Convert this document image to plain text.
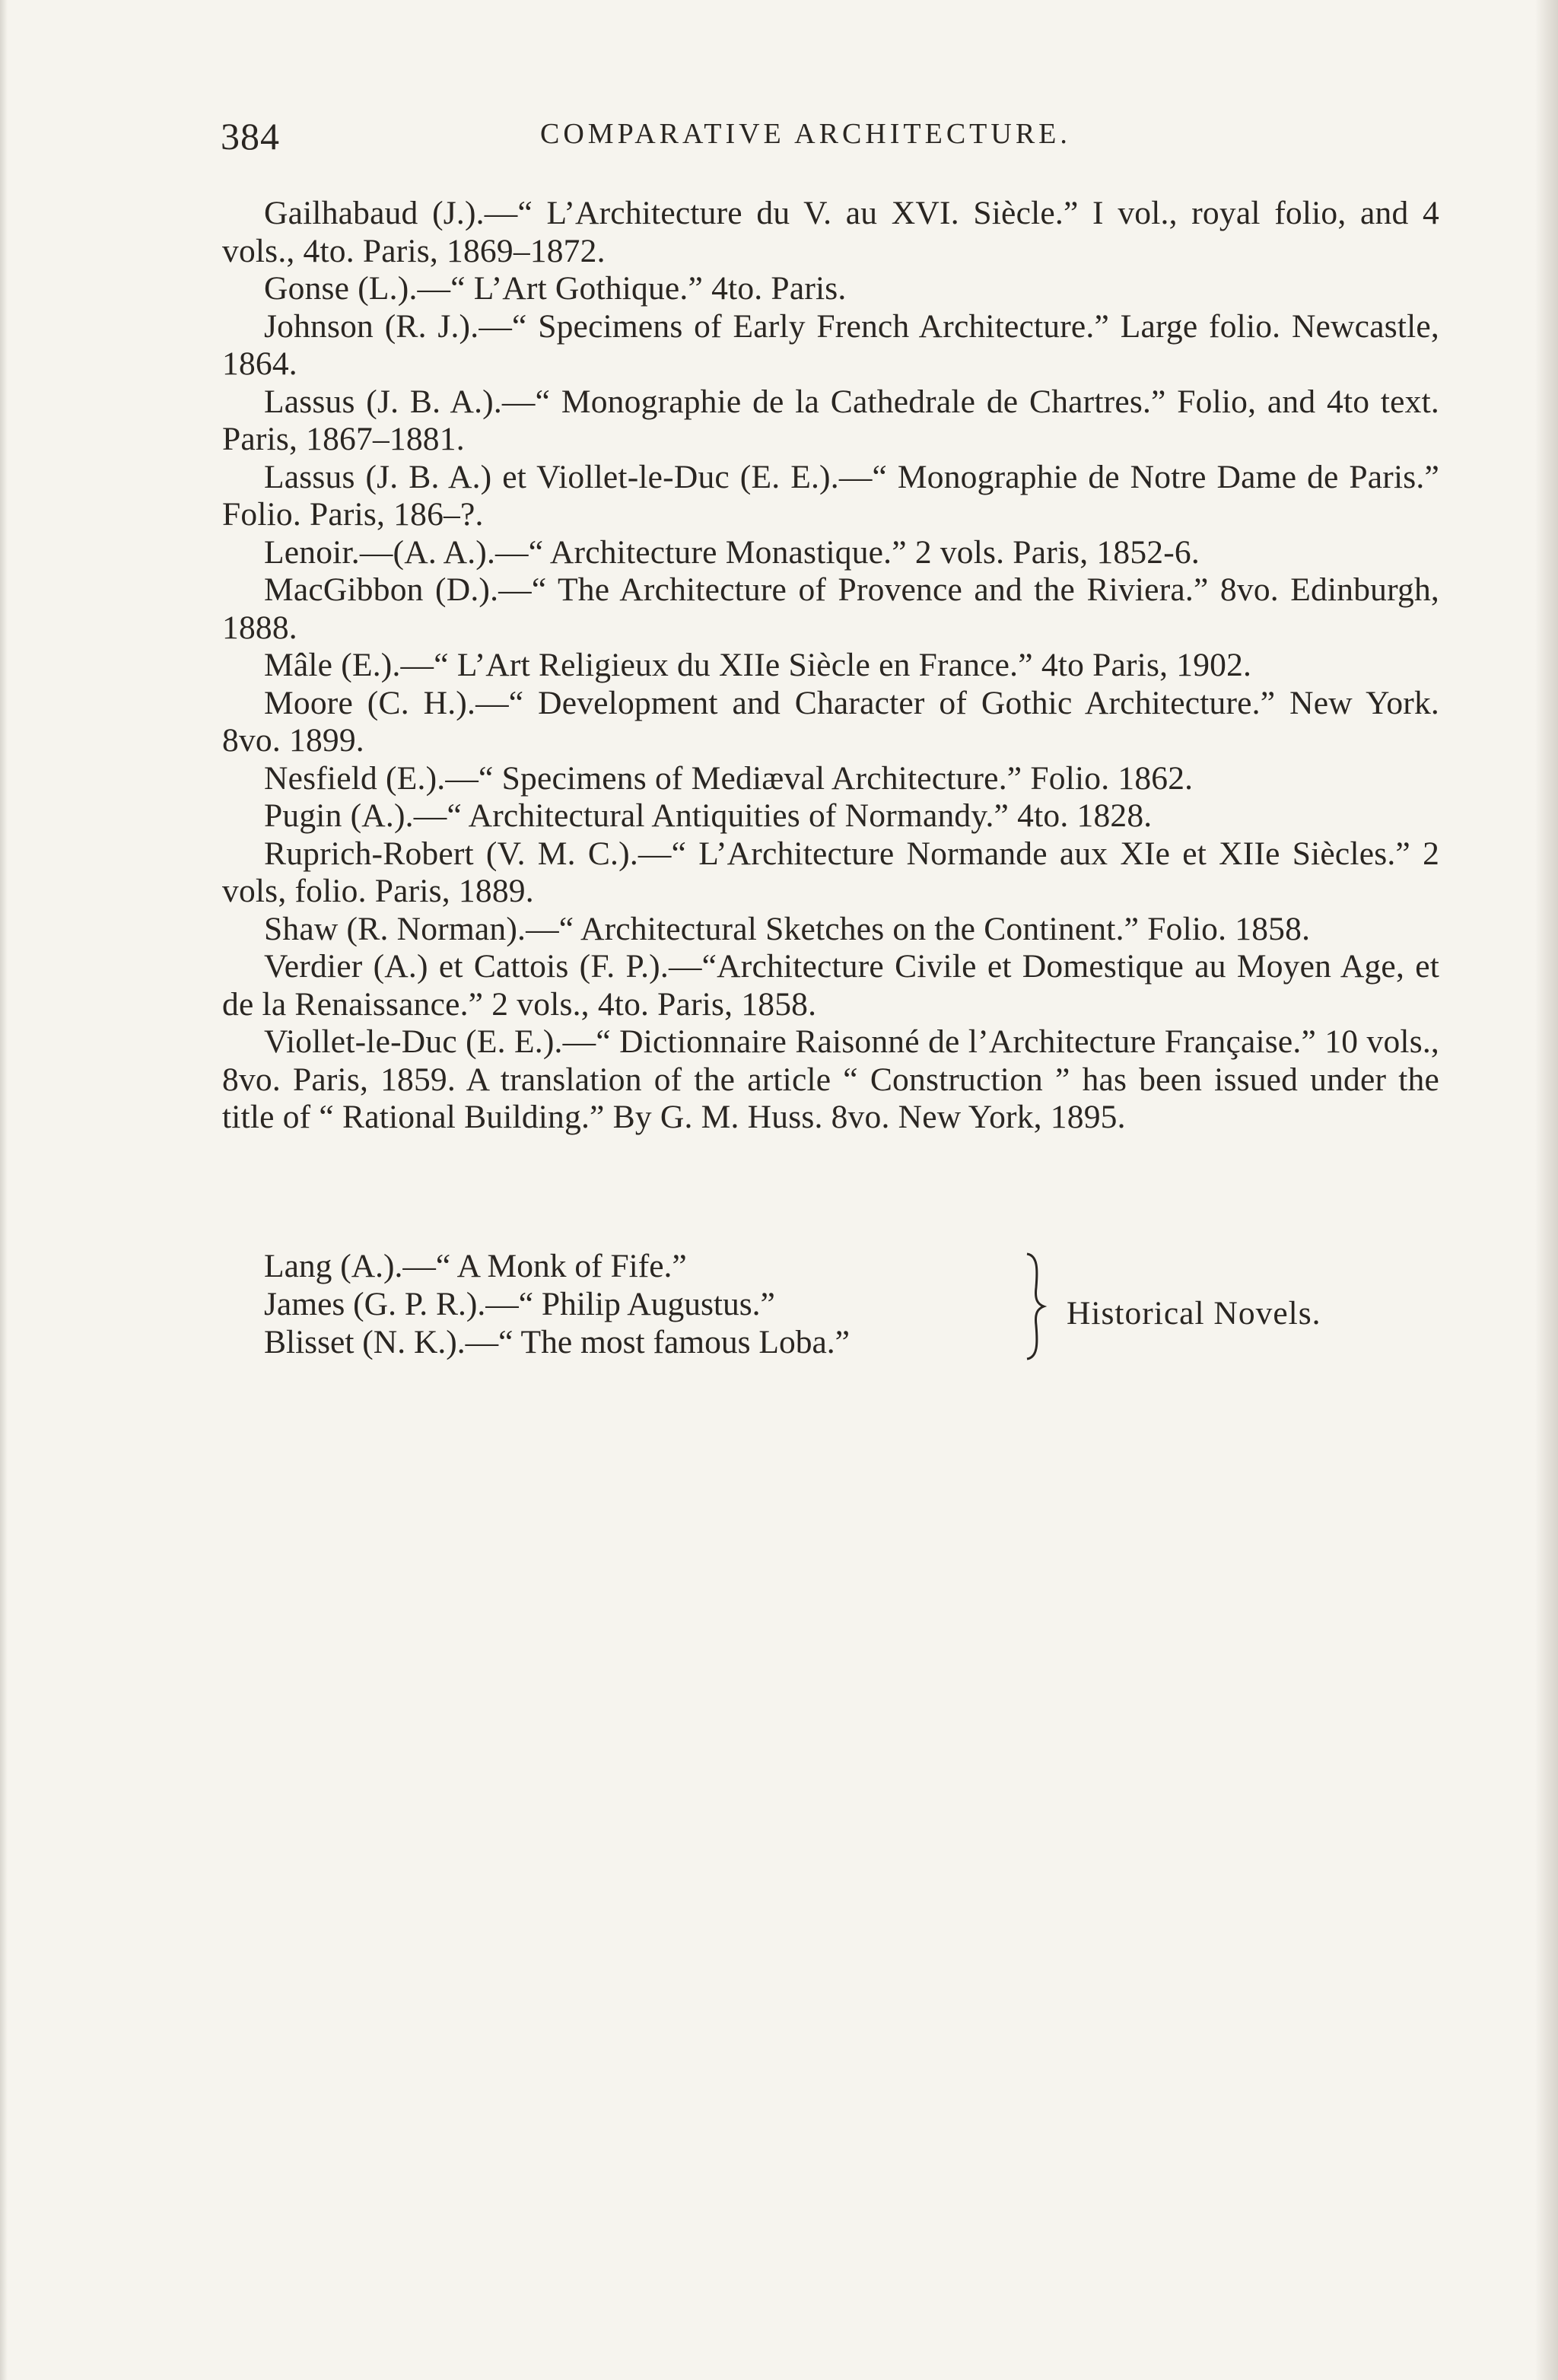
384	COMPARATIVE ARCHITECTURE.

Gailhabaud (J.).—“ L’Architecture du V. au XVI. Siècle.” I vol., royal folio, and 4 vols., 4to. Paris, 1869–1872.

Gonse (L.).—“ L’Art Gothique.” 4to. Paris.

Johnson (R. J.).—“ Specimens of Early French Architecture.” Large folio. Newcastle, 1864.

Lassus (J. B. A.).—“ Monographie de la Cathedrale de Chartres.” Folio, and 4to text. Paris, 1867–1881.

Lassus (J. B. A.) et Viollet-le-Duc (E. E.).—“ Monographie de Notre Dame de Paris.” Folio. Paris, 186–?.

Lenoir.—(A. A.).—“ Architecture Monastique.” 2 vols. Paris, 1852-6.

MacGibbon (D.).—“ The Architecture of Provence and the Riviera.” 8vo. Edinburgh, 1888.

Mâle (E.).—“ L’Art Religieux du XIIe Siècle en France.” 4to Paris, 1902.

Moore (C. H.).—“ Development and Character of Gothic Architecture.” New York. 8vo. 1899.

Nesfield (E.).—“ Specimens of Mediæval Architecture.” Folio. 1862.

Pugin (A.).—“ Architectural Antiquities of Normandy.” 4to. 1828.

Ruprich-Robert (V. M. C.).—“ L’Architecture Normande aux XIe et XIIe Siècles.” 2 vols, folio. Paris, 1889.

Shaw (R. Norman).—“ Architectural Sketches on the Continent.” Folio. 1858.

Verdier (A.) et Cattois (F. P.).—“Architecture Civile et Domestique au Moyen Age, et de la Renaissance.” 2 vols., 4to. Paris, 1858.

Viollet-le-Duc (E. E.).—“ Dictionnaire Raisonné de l’Architecture Française.” 10 vols., 8vo. Paris, 1859. A translation of the article “ Construction ” has been issued under the title of “ Rational Building.” By G. M. Huss. 8vo. New York, 1895.

Lang (A.).—“ A Monk of Fife.”
James (G. P. R.).—“ Philip Augustus.”
Blisset (N. K.).—“ The most famous Loba.”
Historical Novels.
